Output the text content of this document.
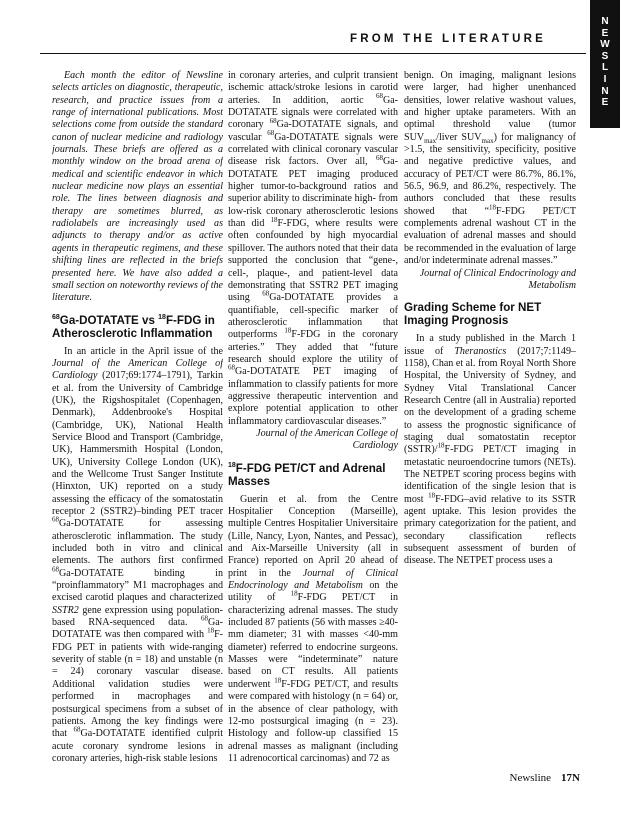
N
E
W
S
L
I
N
E
FROM THE LITERATURE

Each month the editor of Newsline selects articles on diagnostic, therapeutic, research, and practice issues from a range of international publications. Most selections come from outside the standard canon of nuclear medicine and radiology journals. These briefs are offered as a monthly window on the broad arena of medical and scientific endeavor in which nuclear medicine now plays an essential role. The lines between diagnosis and therapy are sometimes blurred, as radiolabels are increasingly used as adjuncts to therapy and/or as active agents in therapeutic regimens, and these shifting lines are reflected in the briefs presented here. We have also added a small section on noteworthy reviews of the literature.

$^{68}$Ga-DOTATATE vs $^{18}$F-FDG in Atherosclerotic Inflammation

In an article in the April issue of the Journal of the American College of Cardiology (2017;69:1774–1791), Tarkin et al. from the University of Cambridge (UK), the Rigshospitalet (Copenhagen, Denmark), Addenbrooke's Hospital (Cambridge, UK), National Health Service Blood and Transport (Cambridge, UK), Hammersmith Hospital (London, UK), University College London (UK), and the Wellcome Trust Sanger Institute (Hinxton, UK) reported on a study assessing the efficacy of the somatostatin receptor 2 (SSTR2)–binding PET tracer $^{68}$Ga-DOTATATE for assessing atherosclerotic inflammation. The study included both in vitro and clinical elements. The authors first confirmed $^{68}$Ga-DOTATATE binding in “proinflammatory” M1 macrophages and excised carotid plaques and characterized SSTR2 gene expression using population-based RNA-sequenced data. $^{68}$Ga-DOTATATE was then compared with $^{18}$F-FDG PET in patients with wide-ranging severity of stable (n = 18) and unstable (n = 24) coronary vascular disease. Additional validation studies were performed in macrophages and postsurgical specimens from a subset of patients. Among the key findings were that $^{68}$Ga-DOTATATE identified culprit acute coronary syndrome lesions in coronary arteries, high-risk stable lesions

in coronary arteries, and culprit transient ischemic attack/stroke lesions in carotid arteries. In addition, aortic $^{68}$Ga-DOTATATE signals were correlated with coronary $^{68}$Ga-DOTATATE signals, and vascular $^{68}$Ga-DOTATATE signals were correlated with clinical coronary vascular disease risk factors. Over all, $^{68}$Ga-DOTATATE PET imaging produced higher tumor-to-background ratios and superior ability to discriminate high- from low-risk coronary atherosclerotic lesions than did $^{18}$F-FDG, where results were often confounded by high myocardial spillover. The authors noted that their data supported the conclusion that “gene-, cell-, plaque-, and patient-level data demonstrating that SSTR2 PET imaging using $^{68}$Ga-DOTATATE provides a quantifiable, cell-specific marker of atherosclerotic inflammation that outperforms $^{18}$F-FDG in the coronary arteries.” They added that “future research should explore the utility of $^{68}$Ga-DOTATATE PET imaging of inflammation to classify patients for more aggressive therapeutic intervention and explore potential application to other inflammatory cardiovascular diseases.”

Journal of the American College of Cardiology

$^{18}$F-FDG PET/CT and Adrenal Masses

Guerin et al. from the Centre Hospitalier Conception (Marseille), multiple Centres Hospitalier Universitaire (Lille, Nancy, Lyon, Nantes, and Pessac), and Aix-Marseille University (all in France) reported on April 20 ahead of print in the Journal of Clinical Endocrinology and Metabolism on the utility of $^{18}$F-FDG PET/CT in characterizing adrenal masses. The study included 87 patients (56 with masses ≥40-mm diameter; 31 with masses <40-mm diameter) referred to endocrine surgeons. Masses were “indeterminate” nature based on CT results. All patients underwent $^{18}$F-FDG PET/CT, and results were compared with histology (n = 64) or, in the absence of clear pathology, with 12-mo postsurgical imaging (n = 23). Histology and follow-up classified 15 adrenal masses as malignant (including 11 adrenocortical carcinomas) and 72 as

benign. On imaging, malignant lesions were larger, had higher unenhanced densities, lower relative washout values, and higher uptake parameters. With an optimal threshold value (tumor $SUV_{max}$/liver $SUV_{max}$) for malignancy of >1.5, the sensitivity, specificity, positive and negative predictive values, and accuracy of PET/CT were 86.7%, 86.1%, 56.5, 96.9, and 86.2%, respectively. The authors concluded that these results showed that “$^{18}$F-FDG PET/CT complements adrenal washout CT in the evaluation of adrenal masses and should be recommended in the evaluation of large and/or indeterminate adrenal masses.”

Journal of Clinical Endocrinology and Metabolism

Grading Scheme for NET Imaging Prognosis

In a study published in the March 1 issue of Theranostics (2017;7:1149–1158), Chan et al. from Royal North Shore Hospital, the University of Sydney, and Sydney Vital Translational Cancer Research Centre (all in Australia) reported on the development of a grading scheme to assess the prognostic significance of staging dual somatostatin receptor (SSTR)/$^{18}$F-FDG PET/CT imaging in metastatic neuroendocrine tumors (NETs). The NETPET scoring process begins with identification of the single lesion that is most $^{18}$F-FDG–avid relative to its SSTR agent uptake. This lesion provides the primary categorization for the patient, and secondary classification reflects subsequent assessment of burden of disease. The NETPET process uses a

Newsline 17N
